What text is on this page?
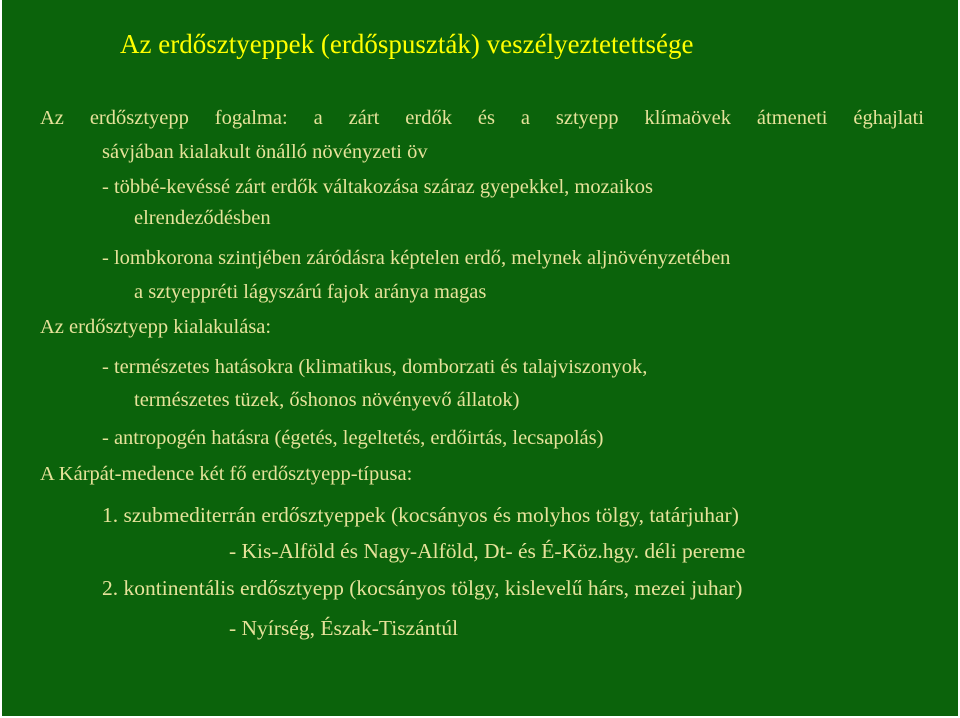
Az erdősztyeppek (erdőspuszták) veszélyeztetettsége
Az erdősztyepp fogalma: a zárt erdők és a sztyepp klímaövek átmeneti éghajlati
sávjában kialakult önálló növényzeti öv
- többé-kevéssé zárt erdők váltakozása száraz gyepekkel, mozaikos
elrendeződésben
- lombkorona szintjében záródásra képtelen erdő, melynek aljnövényzetében
a sztyeppréti lágyszárú fajok aránya magas
Az erdősztyepp kialakulása:
- természetes hatásokra (klimatikus, domborzati és talajviszonyok,
természetes tüzek, őshonos növényevő állatok)
- antropogén hatásra (égetés, legeltetés, erdőirtás, lecsapolás)
A Kárpát-medence két fő erdősztyepp-típusa:
1. szubmediterrán erdősztyeppek (kocsányos és molyhos tölgy, tatárjuhar)
- Kis-Alföld és Nagy-Alföld, Dt- és É-Köz.hgy. déli pereme
2. kontinentális erdősztyepp (kocsányos tölgy, kislevelű hárs, mezei juhar)
- Nyírség, Észak-Tiszántúl
